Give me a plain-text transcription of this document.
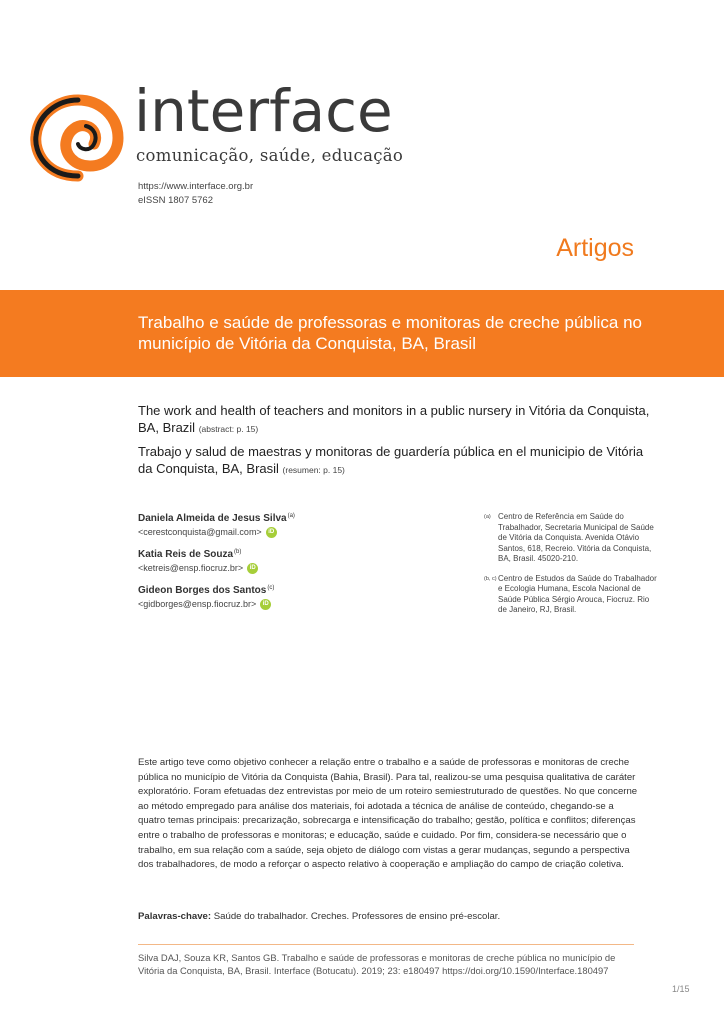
interface
comunicação, saúde, educação
https://www.interface.org.br
eISSN 1807 5762
Artigos
Trabalho e saúde de professoras e monitoras de creche pública no município de Vitória da Conquista, BA, Brasil
The work and health of teachers and monitors in a public nursery in Vitória da Conquista, BA, Brazil (abstract: p. 15)
Trabajo y salud de maestras y monitoras de guardería pública en el municipio de Vitória da Conquista, BA, Brasil (resumen: p. 15)
Daniela Almeida de Jesus Silva$^{(a)}$
<cerestconquista@gmail.com>	iD
Katia Reis de Souza$^{(b)}$
<ketreis@ensp.fiocruz.br>	iD
Gideon Borges dos Santos$^{(c)}$
<gidborges@ensp.fiocruz.br>	iD
(a) Centro de Referência em Saúde do Trabalhador, Secretaria Municipal de Saúde de Vitória da Conquista. Avenida Otávio Santos, 618, Recreio. Vitória da Conquista, BA, Brasil. 45020-210.
(b, c) Centro de Estudos da Saúde do Trabalhador e Ecologia Humana, Escola Nacional de Saúde Pública Sérgio Arouca, Fiocruz. Rio de Janeiro, RJ, Brasil.
Este artigo teve como objetivo conhecer a relação entre o trabalho e a saúde de professoras e monitoras de creche pública no município de Vitória da Conquista (Bahia, Brasil). Para tal, realizou-se uma pesquisa qualitativa de caráter exploratório. Foram efetuadas dez entrevistas por meio de um roteiro semiestruturado de questões. No que concerne ao método empregado para análise dos materiais, foi adotada a técnica de análise de conteúdo, chegando-se a quatro temas principais: precarização, sobrecarga e intensificação do trabalho; gestão, política e conflitos; diferenças entre o trabalho de professoras e monitoras; e educação, saúde e cuidado. Por fim, considera-se necessário que o trabalho, em sua relação com a saúde, seja objeto de diálogo com vistas a gerar mudanças, segundo a perspectiva dos trabalhadores, de modo a reforçar o aspecto relativo à cooperação e ampliação do campo de criação coletiva.
Palavras-chave: Saúde do trabalhador. Creches. Professores de ensino pré-escolar.
Silva DAJ, Souza KR, Santos GB. Trabalho e saúde de professoras e monitoras de creche pública no município de Vitória da Conquista, BA, Brasil. Interface (Botucatu). 2019; 23: e180497 https://doi.org/10.1590/Interface.180497
1/15
